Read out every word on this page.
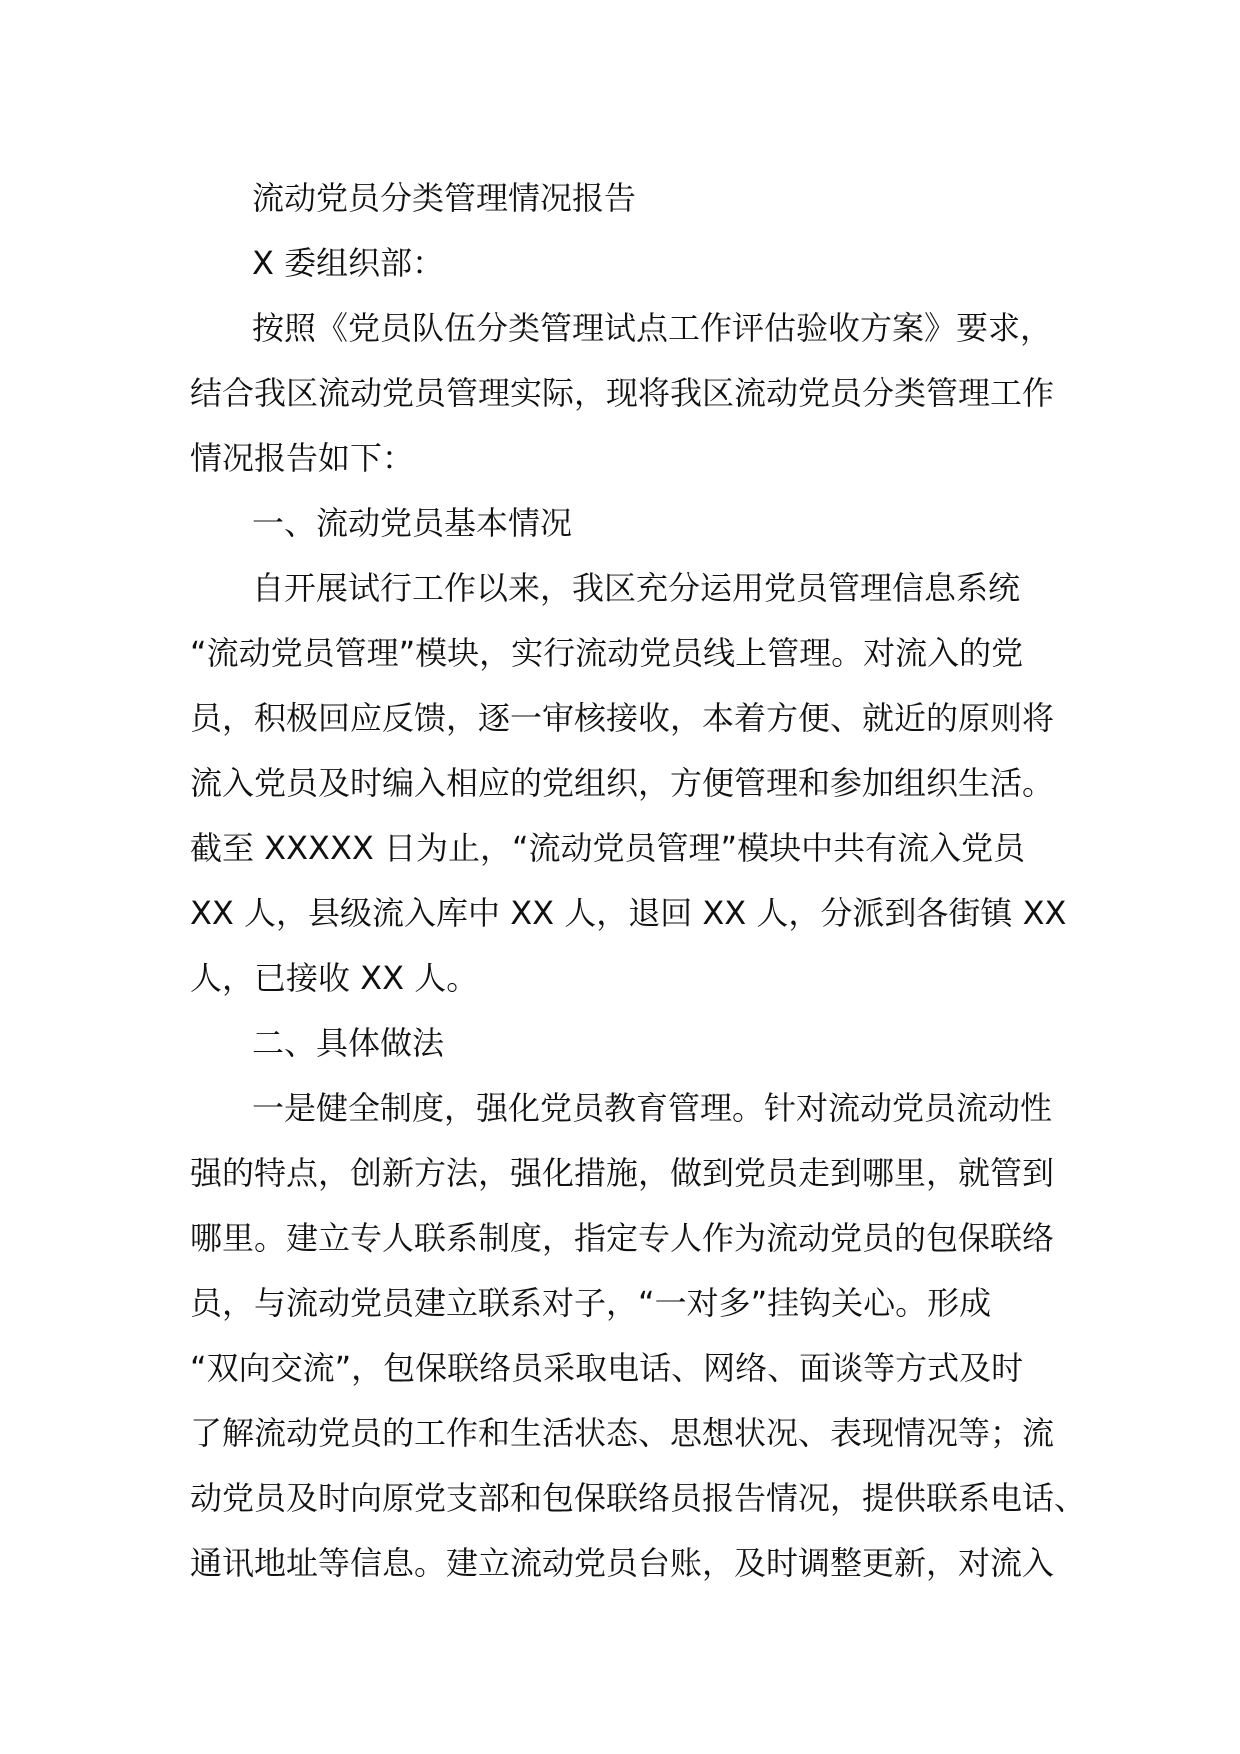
流动党员分类管理情况报告
X 委组织部：
按照《党员队伍分类管理试点工作评估验收方案》要求，
结合我区流动党员管理实际，现将我区流动党员分类管理工作
情况报告如下：
一、流动党员基本情况
自开展试行工作以来，我区充分运用党员管理信息系统
“流动党员管理”模块，实行流动党员线上管理。对流入的党
员，积极回应反馈，逐一审核接收，本着方便、就近的原则将
流入党员及时编入相应的党组织，方便管理和参加组织生活。
截至 XXXXX 日为止，“流动党员管理”模块中共有流入党员
XX 人，县级流入库中 XX 人，退回 XX 人，分派到各街镇 XX
人，已接收 XX 人。
二、具体做法
一是健全制度，强化党员教育管理。针对流动党员流动性
强的特点，创新方法，强化措施，做到党员走到哪里，就管到
哪里。建立专人联系制度，指定专人作为流动党员的包保联络
员，与流动党员建立联系对子，“一对多”挂钩关心。形成
“双向交流”，包保联络员采取电话、网络、面谈等方式及时
了解流动党员的工作和生活状态、思想状况、表现情况等；流
动党员及时向原党支部和包保联络员报告情况，提供联系电话、
通讯地址等信息。建立流动党员台账，及时调整更新，对流入
